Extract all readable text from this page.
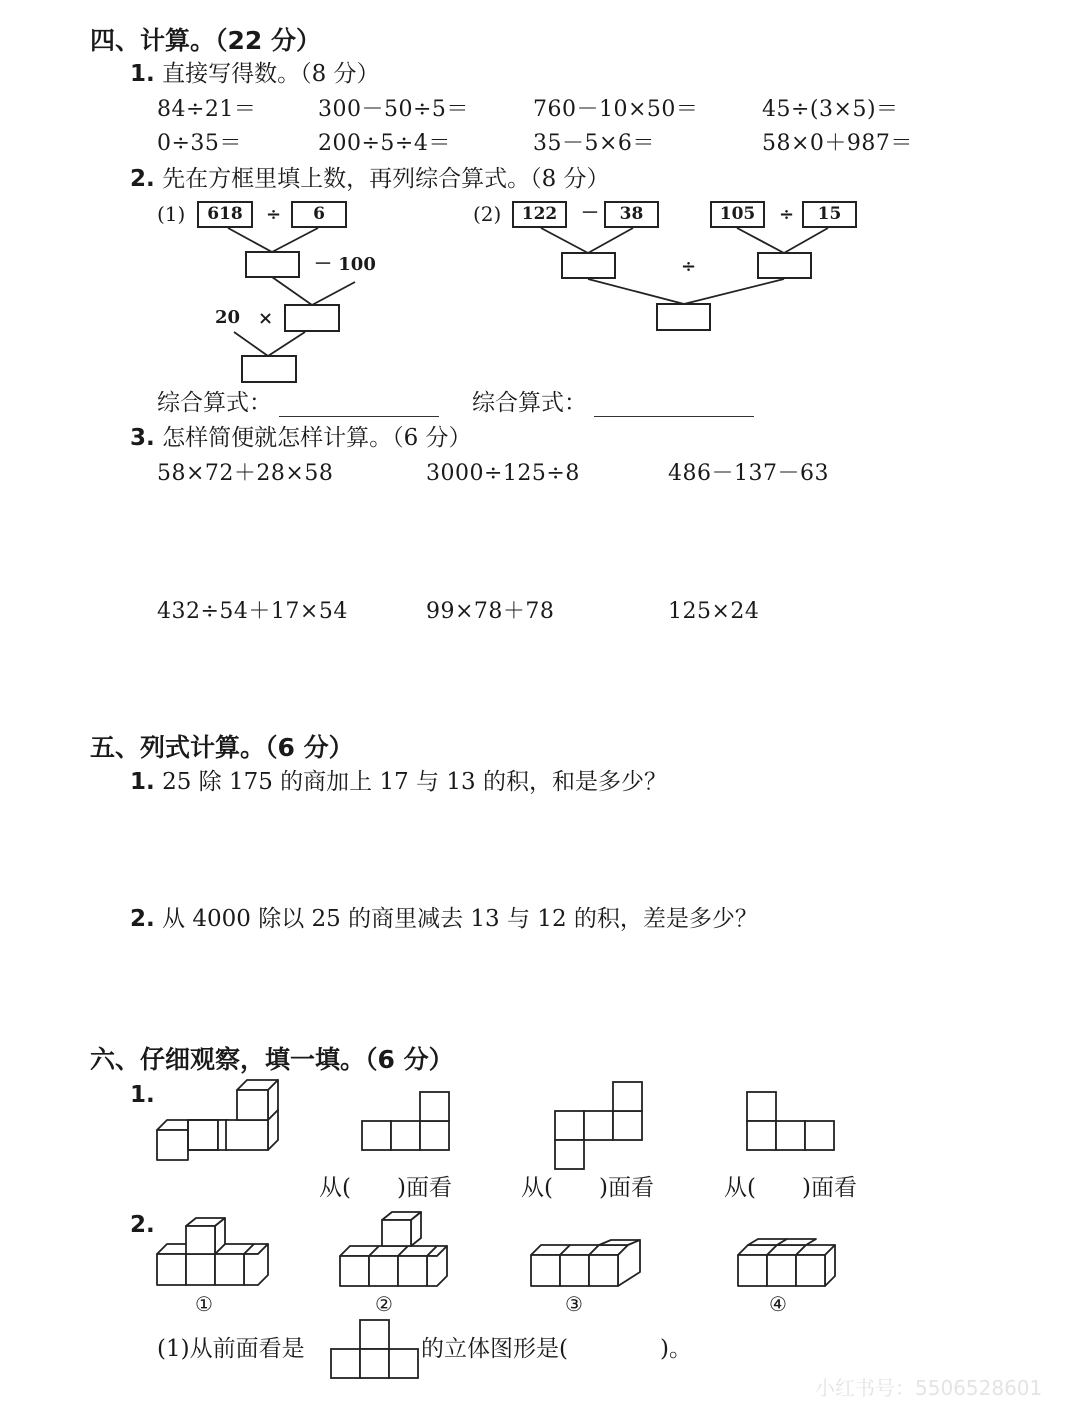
四、计算。（22 分）
1. 直接写得数。（8 分）
84÷21＝	300－50÷5＝	760－10×50＝	45÷(3×5)＝
0÷35＝	200÷5÷4＝	35－5×6＝	58×0＋987＝
2. 先在方框里填上数，再列综合算式。（8 分）
(1)	618	÷	6
－ 100
20 ×
(2)	122	－	38	105	÷	15
÷
综合算式：	综合算式：
3. 怎样简便就怎样计算。（6 分）
58×72＋28×58	3000÷125÷8	486－137－63
432÷54＋17×54	99×78＋78	125×24
五、列式计算。（6 分）
1. 25 除 175 的商加上 17 与 13 的积，和是多少？
2. 从 4000 除以 25 的商里减去 13 与 12 的积，差是多少？
六、仔细观察，填一填。（6 分）
1.
从(　　)面看	从(　　)面看	从(　　)面看
2.
①	②	③	④
(1)从前面看是	的立体图形是(　　　　)。
小红书号：5506528601
